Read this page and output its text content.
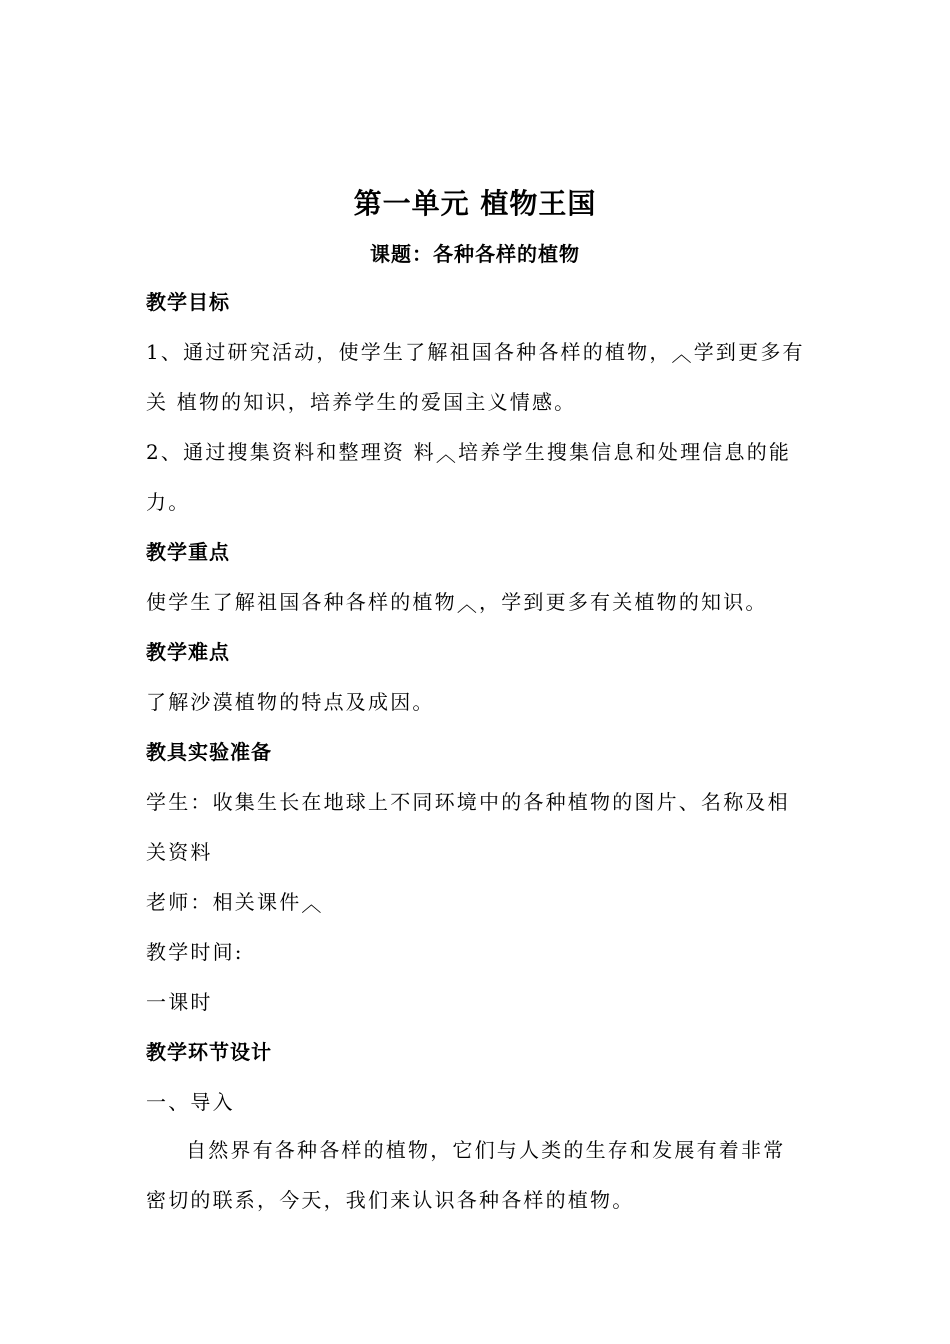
第一单元 植物王国
课题：各种各样的植物
教学目标
1、通过研究活动，使学生了解祖国各种各样的植物，︿学到更多有
关 植物的知识，培养学生的爱国主义情感。
2、通过搜集资料和整理资 料︿培养学生搜集信息和处理信息的能
力。
教学重点
使学生了解祖国各种各样的植物︿，学到更多有关植物的知识。
教学难点
了解沙漠植物的特点及成因。
教具实验准备
学生：收集生长在地球上不同环境中的各种植物的图片、名称及相
关资料
老师：相关课件︿
教学时间:
一课时
教学环节设计
一、导入
自然界有各种各样的植物，它们与人类的生存和发展有着非常
密切的联系，今天，我们来认识各种各样的植物。
